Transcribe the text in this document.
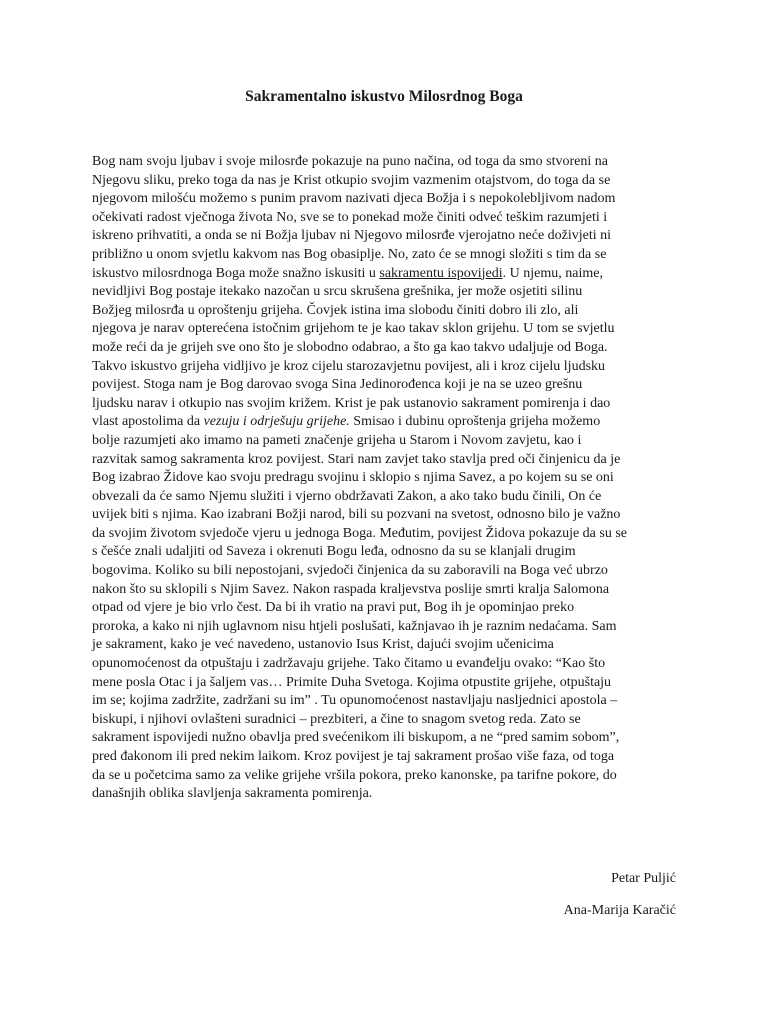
Sakramentalno iskustvo Milosrdnog Boga
Bog nam svoju ljubav i svoje milosrđe pokazuje na puno načina, od toga da smo stvoreni na
Njegovu sliku, preko toga da nas je Krist otkupio svojim vazmenim otajstvom, do toga da se
njegovom milošću možemo s punim pravom nazivati djeca Božja i s nepokolebljivom nadom
očekivati radost vječnoga života No, sve se to ponekad može činiti odveć teškim razumjeti i
iskreno prihvatiti, a onda se ni Božja ljubav ni Njegovo milosrđe vjerojatno neće doživjeti ni
približno u onom svjetlu kakvom nas Bog obasiplje. No, zato će se mnogi složiti s tim da se
iskustvo milosrdnoga Boga može snažno iskusiti u sakramentu ispovijedi. U njemu, naime,
nevidljivi Bog postaje itekako nazočan u srcu skrušena grešnika, jer može osjetiti silinu
Božjeg milosrđa u oproštenju grijeha. Čovjek istina ima slobodu činiti dobro ili zlo, ali
njegova je narav opterećena istočnim grijehom te je kao takav sklon grijehu. U tom se svjetlu
može reći da je grijeh sve ono što je slobodno odabrao, a što ga kao takvo udaljuje od Boga.
Takvo iskustvo grijeha vidljivo je kroz cijelu starozavjetnu povijest, ali i kroz cijelu ljudsku
povijest. Stoga nam je Bog darovao svoga Sina Jedinorođenca koji je na se uzeo grešnu
ljudsku narav i otkupio nas svojim križem. Krist je pak ustanovio sakrament pomirenja i dao
vlast apostolima da vezuju i odrješuju grijehe. Smisao i dubinu oproštenja grijeha možemo
bolje razumjeti ako imamo na pameti značenje grijeha u Starom i Novom zavjetu, kao i
razvitak samog sakramenta kroz povijest. Stari nam zavjet tako stavlja pred oči činjenicu da je
Bog izabrao Židove kao svoju predragu svojinu i sklopio s njima Savez, a po kojem su se oni
obvezali da će samo Njemu služiti i vjerno obdržavati Zakon, a ako tako budu činili, On će
uvijek biti s njima. Kao izabrani Božji narod, bili su pozvani na svetost, odnosno bilo je važno
da svojim životom svjedoče vjeru u jednoga Boga. Međutim, povijest Židova pokazuje da su se
s češće znali udaljiti od Saveza i okrenuti Bogu leđa, odnosno da su se klanjali drugim
bogovima. Koliko su bili nepostojani, svjedoči činjenica da su zaboravili na Boga već ubrzo
nakon što su sklopili s Njim Savez. Nakon raspada kraljevstva poslije smrti kralja Salomona
otpad od vjere je bio vrlo čest. Da bi ih vratio na pravi put, Bog ih je opominjao preko
proroka, a kako ni njih uglavnom nisu htjeli poslušati, kažnjavao ih je raznim nedaćama. Sam
je sakrament, kako je već navedeno, ustanovio Isus Krist, dajući svojim učenicima
opunomoćenost da otpuštaju i zadržavaju grijehe. Tako čitamo u evanđelju ovako: “Kao što
mene posla Otac i ja šaljem vas… Primite Duha Svetoga. Kojima otpustite grijehe, otpuštaju
im se; kojima zadržite, zadržani su im” . Tu opunomoćenost nastavljaju nasljednici apostola –
biskupi, i njihovi ovlašteni suradnici – prezbiteri, a čine to snagom svetog reda. Zato se
sakrament ispovijedi nužno obavlja pred svećenikom ili biskupom, a ne “pred samim sobom”,
pred đakonom ili pred nekim laikom. Kroz povijest je taj sakrament prošao više faza, od toga
da se u početcima samo za velike grijehe vršila pokora, preko kanonske, pa tarifne pokore, do
današnjih oblika slavljenja sakramenta pomirenja.

Petar Puljić

Ana-Marija Karačić
